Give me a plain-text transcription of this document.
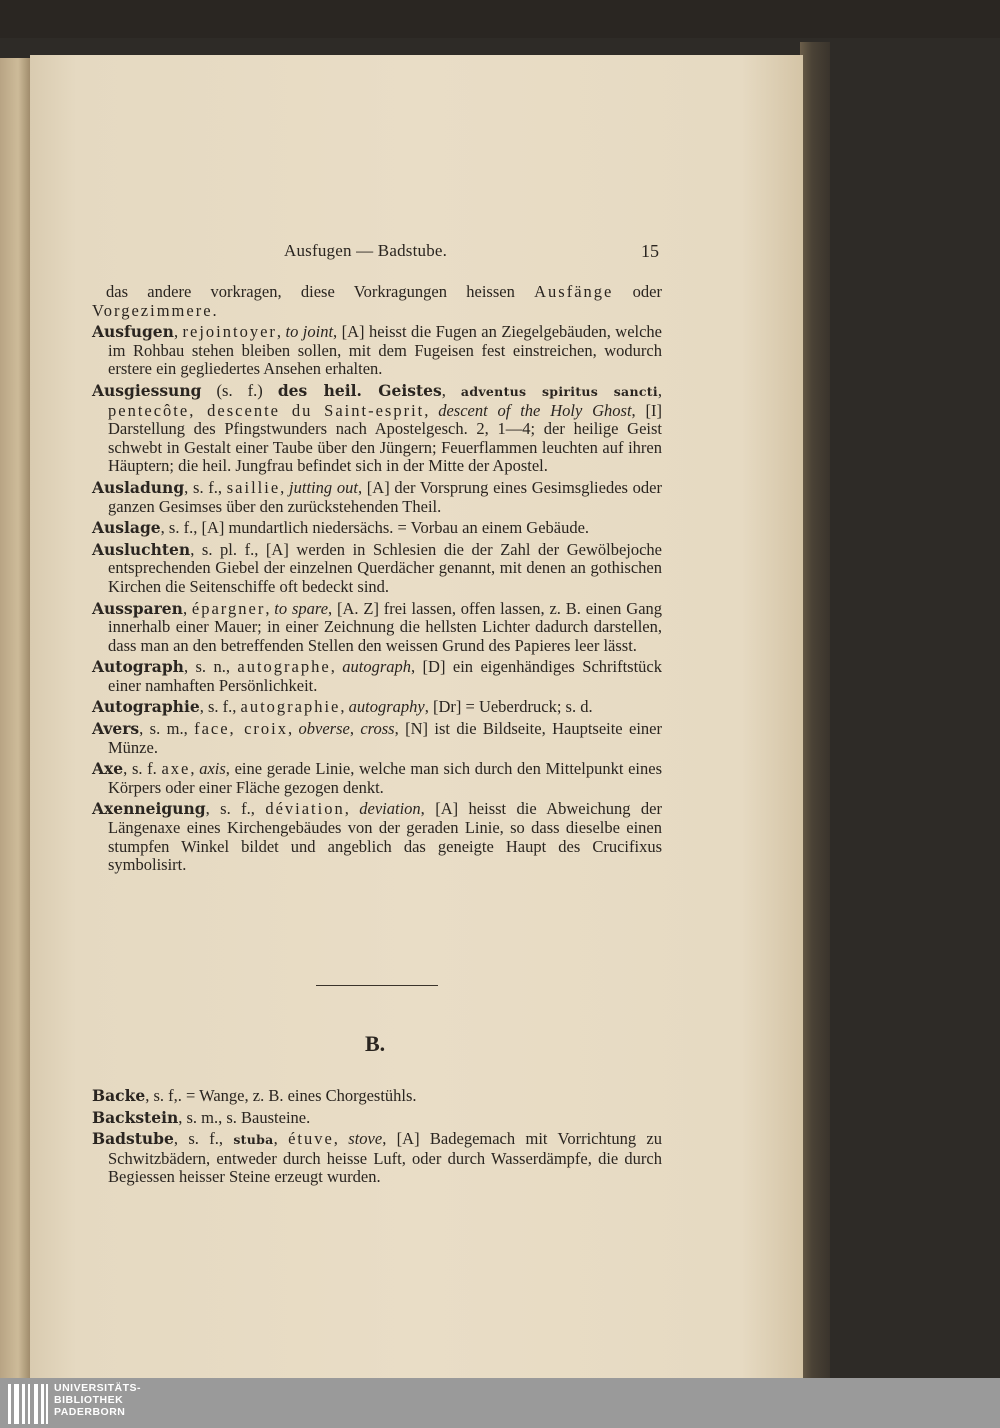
Ausfugen — Badstube.	15

das andere vorkragen, diese Vorkragungen heissen Ausfänge oder Vorgezimmere.

Ausfugen, rejointoyer, to joint, [A] heisst die Fugen an Ziegelgebäuden, welche im Rohbau stehen bleiben sollen, mit dem Fugeisen fest einstreichen, wodurch erstere ein gegliedertes Ansehen erhalten.

Ausgiessung (s. f.) des heil. Geistes, adventus spiritus sancti, pentecôte, descente du Saint-esprit, descent of the Holy Ghost, [I] Darstellung des Pfingstwunders nach Apostelgesch. 2, 1—4; der heilige Geist schwebt in Gestalt einer Taube über den Jüngern; Feuerflammen leuchten auf ihren Häuptern; die heil. Jungfrau befindet sich in der Mitte der Apostel.

Ausladung, s. f., saillie, jutting out, [A] der Vorsprung eines Gesimsgliedes oder ganzen Gesimses über den zurückstehenden Theil.

Auslage, s. f., [A] mundartlich niedersächs. = Vorbau an einem Gebäude.

Ausluchten, s. pl. f., [A] werden in Schlesien die der Zahl der Gewölbejoche entsprechenden Giebel der einzelnen Querdächer genannt, mit denen an gothischen Kirchen die Seitenschiffe oft bedeckt sind.

Aussparen, épargner, to spare, [A. Z] frei lassen, offen lassen, z. B. einen Gang innerhalb einer Mauer; in einer Zeichnung die hellsten Lichter dadurch darstellen, dass man an den betreffenden Stellen den weissen Grund des Papieres leer lässt.

Autograph, s. n., autographe, autograph, [D] ein eigenhändiges Schriftstück einer namhaften Persönlichkeit.

Autographie, s. f., autographie, autography, [Dr] = Ueberdruck; s. d.

Avers, s. m., face, croix, obverse, cross, [N] ist die Bildseite, Hauptseite einer Münze.

Axe, s. f. axe, axis, eine gerade Linie, welche man sich durch den Mittelpunkt eines Körpers oder einer Fläche gezogen denkt.

Axenneigung, s. f., déviation, deviation, [A] heisst die Abweichung der Längenaxe eines Kirchengebäudes von der geraden Linie, so dass dieselbe einen stumpfen Winkel bildet und angeblich das geneigte Haupt des Crucifixus symbolisirt.

B.

Backe, s. f,. = Wange, z. B. eines Chorgestühls.

Backstein, s. m., s. Bausteine.

Badstube, s. f., stuba, étuve, stove, [A] Badegemach mit Vorrichtung zu Schwitzbädern, entweder durch heisse Luft, oder durch Wasserdämpfe, die durch Begiessen heisser Steine erzeugt wurden.

UNIVERSITÄTS-
BIBLIOTHEK
PADERBORN
